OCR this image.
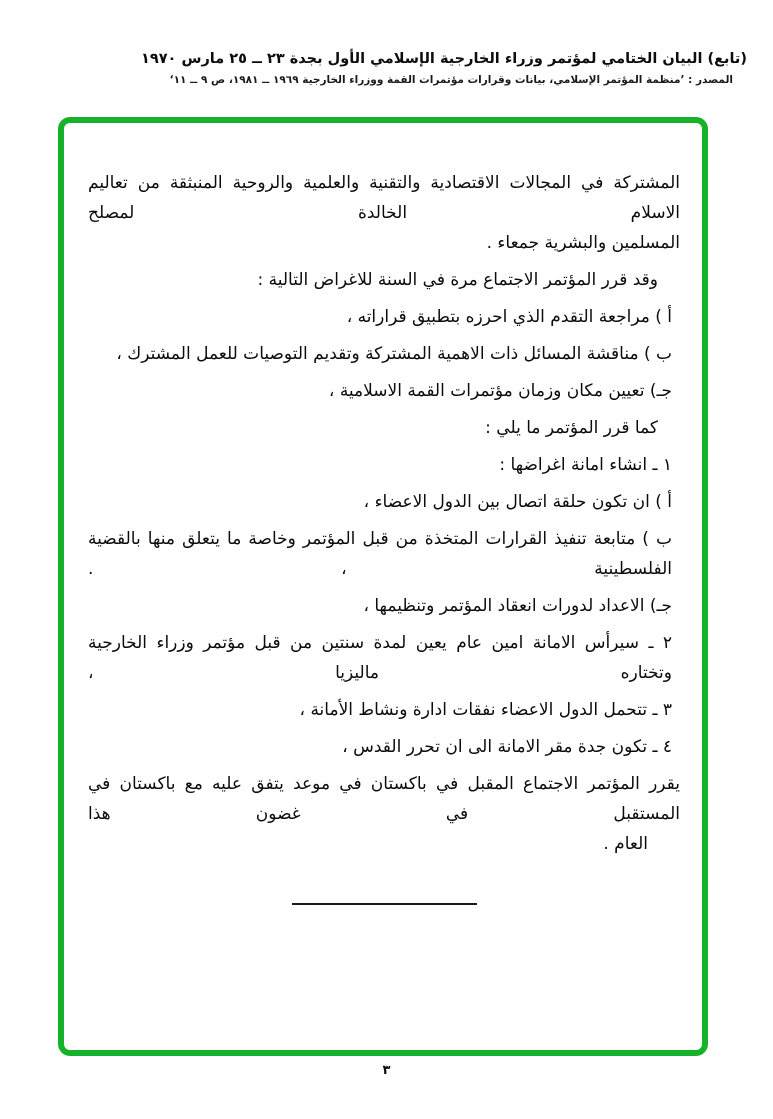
(تابع) البيان الختامي لمؤتمر وزراء الخارجية الإسلامي الأول بجدة ٢٣ ــ ٢٥ مارس ١٩٧٠
المصدر : ’منظمة المؤتمر الإسلامي، بيانات وقرارات مؤتمرات القمة ووزراء الخارجية ١٩٦٩ ــ ١٩٨١، ص ٩ ــ ١١‘
المشتركة في المجالات الاقتصادية والتقنية والعلمية والروحية المنبثقة من تعاليم الاسلام الخالدة لمصلح
المسلمين والبشرية جمعاء .
وقد قرر المؤتمر الاجتماع مرة في السنة للاغراض التالية :
أ ) مراجعة التقدم الذي احرزه بتطبيق قراراته ،
ب ) مناقشة المسائل ذات الاهمية المشتركة وتقديم التوصيات للعمل المشترك ،
جـ) تعيين مكان وزمان مؤتمرات القمة الاسلامية ،
كما قرر المؤتمر ما يلي :
١ ـ انشاء امانة اغراضها :
أ ) ان تكون حلقة اتصال بين الدول الاعضاء ،
ب ) متابعة تنفيذ القرارات المتخذة من قبل المؤتمر وخاصة ما يتعلق منها بالقضية الفلسطينية ، .
جـ) الاعداد لدورات انعقاد المؤتمر وتنظيمها ،
٢ ـ سيرأس الامانة امين عام يعين لمدة سنتين من قبل مؤتمر وزراء الخارجية وتختاره ماليزيا ،
٣ ـ تتحمل الدول الاعضاء نفقات ادارة ونشاط الأمانة ،
٤ ـ تكون جدة مقر الامانة الى ان تحرر القدس ،
يقرر المؤتمر الاجتماع المقبل في باكستان في موعد يتفق عليه مع باكستان في المستقبل في غضون هذا
العام .
٣
